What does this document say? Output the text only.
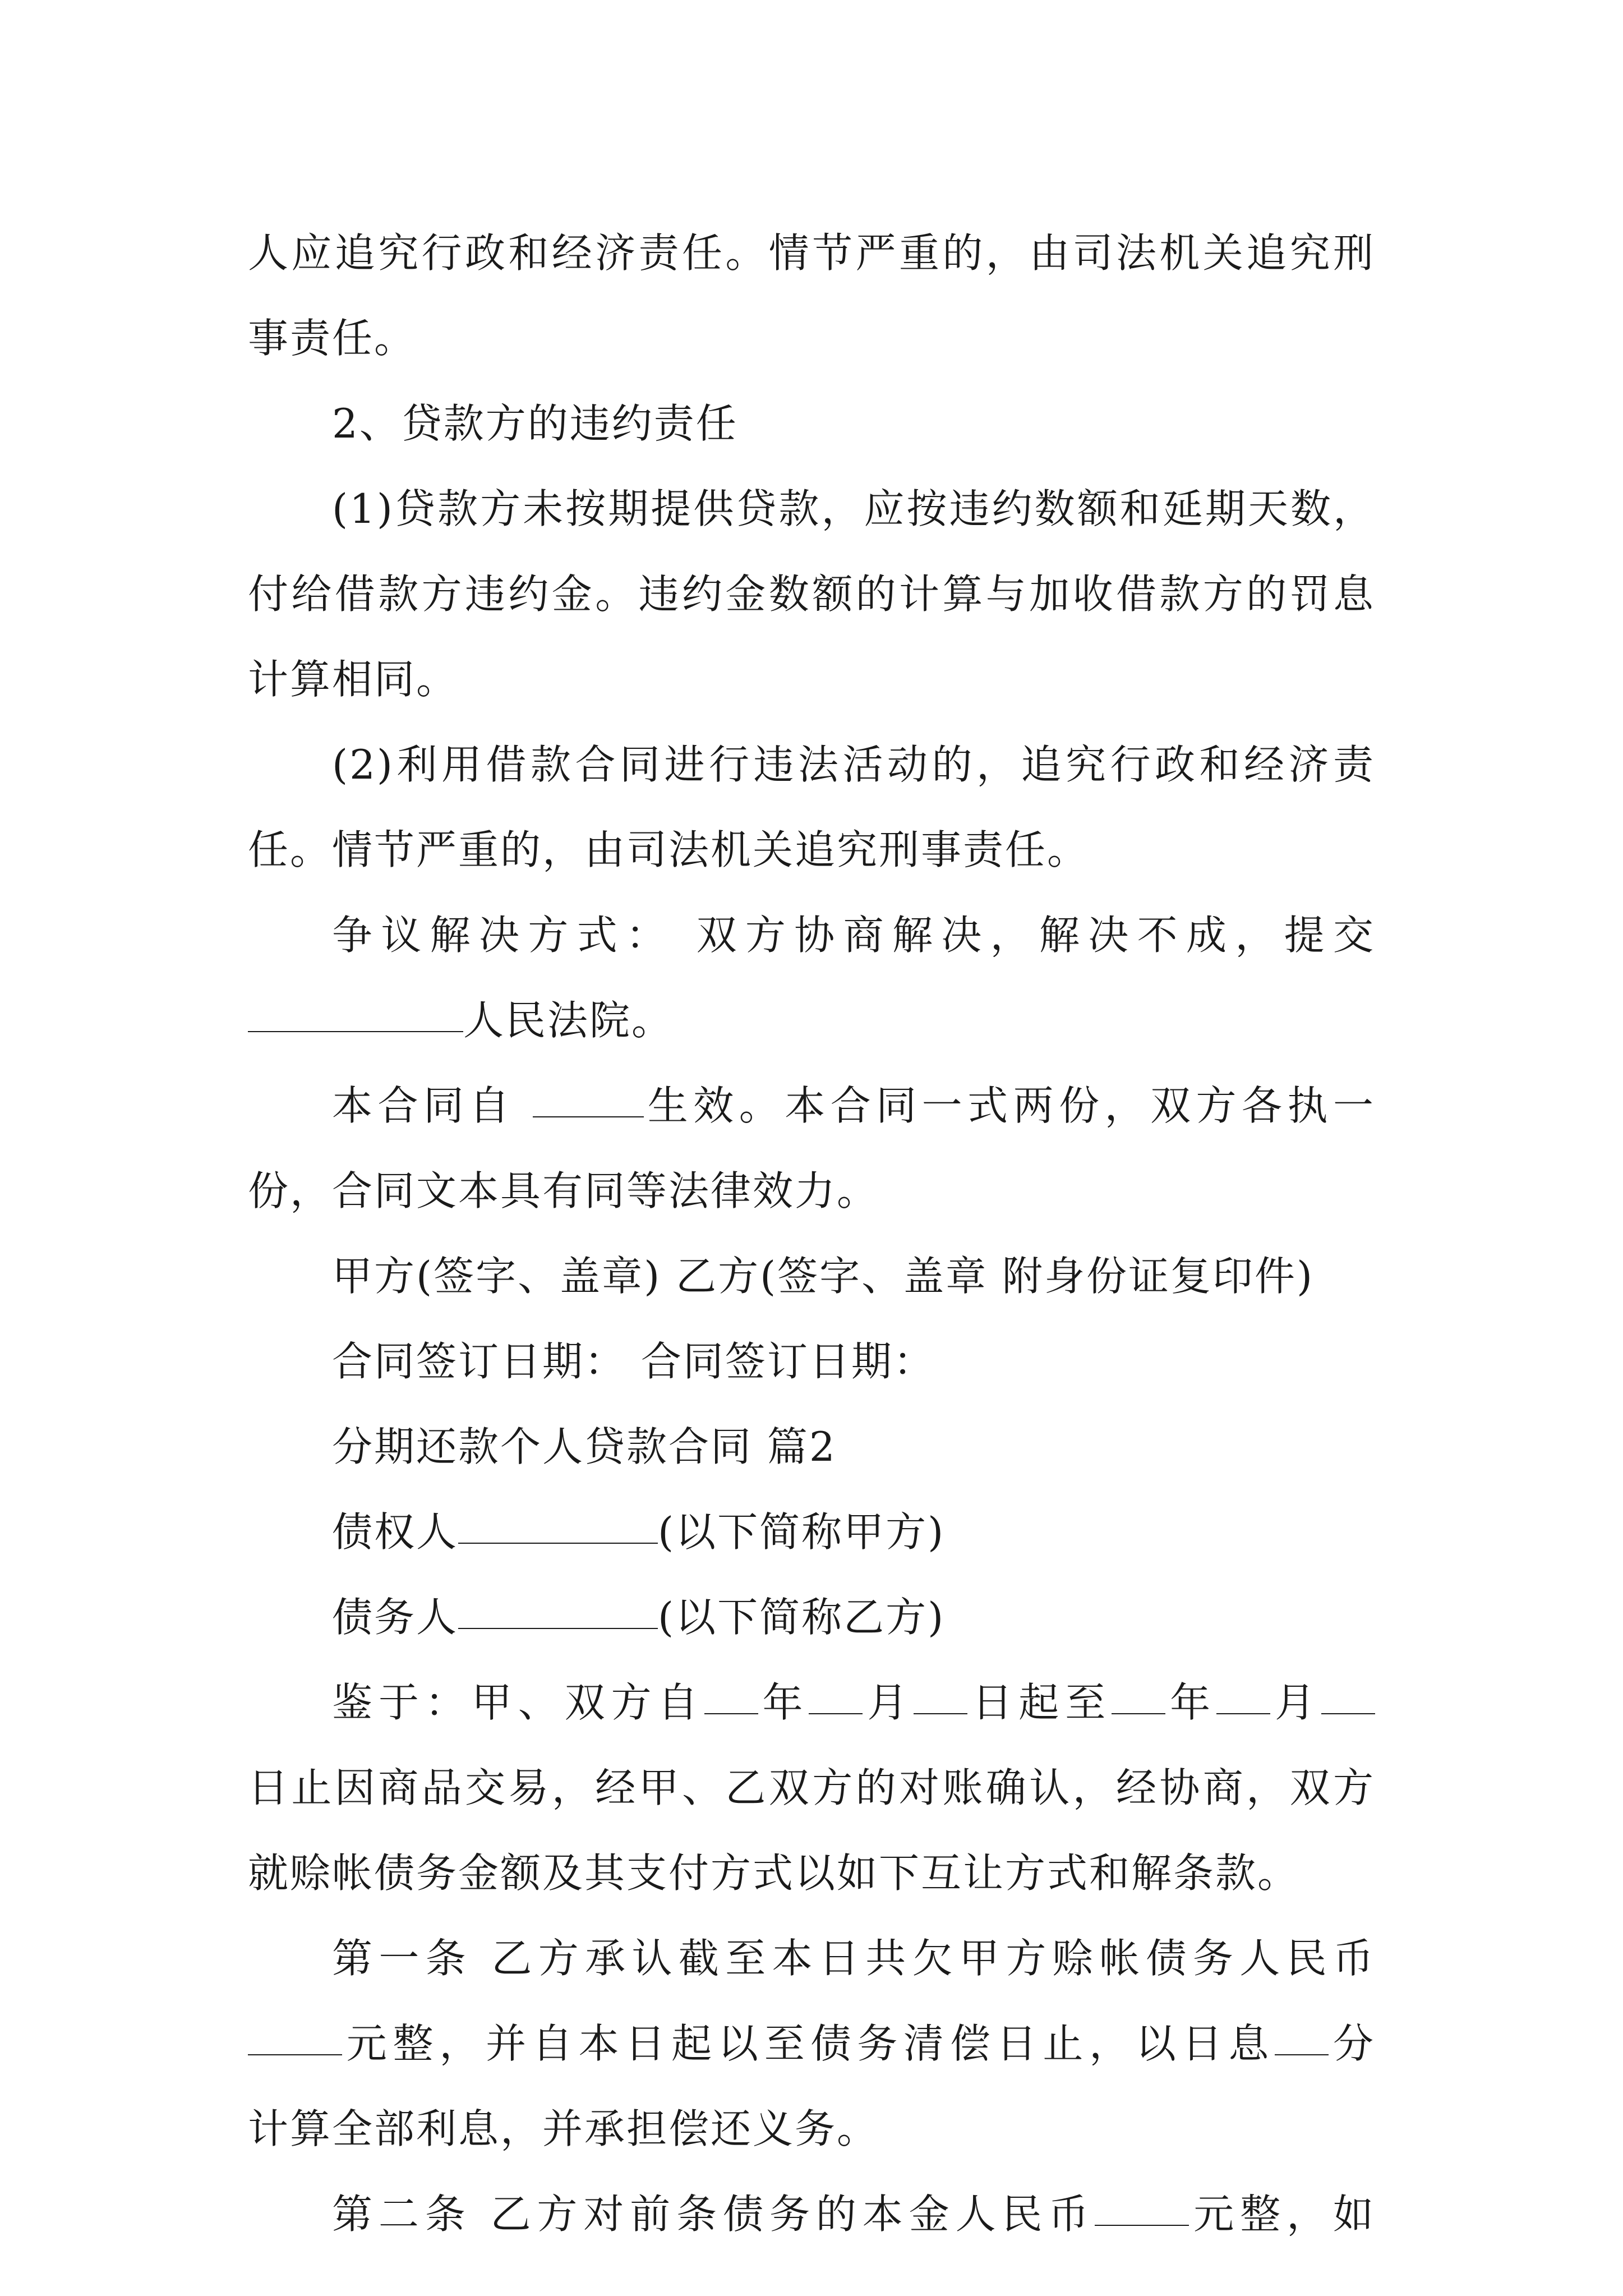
人应追究行政和经济责任。情节严重的，由司法机关追究刑
事责任。
2、贷款方的违约责任
(1)贷款方未按期提供贷款，应按违约数额和延期天数，
付给借款方违约金。违约金数额的计算与加收借款方的罚息
计算相同。
(2)利用借款合同进行违法活动的，追究行政和经济责
任。情节严重的，由司法机关追究刑事责任。
争议解决方式： 双方协商解决，解决不成，提交
人民法院。
本合同自	生效。本合同一式两份，双方各执一
份，合同文本具有同等法律效力。
甲方(签字、盖章) 乙方(签字、盖章 附身份证复印件)
合同签订日期： 合同签订日期：
分期还款个人贷款合同 篇2
债权人	(以下简称甲方)
债务人	(以下简称乙方)
鉴于：甲、双方自 年 月 日起至 年 月
日止因商品交易，经甲、乙双方的对账确认，经协商，双方
就赊帐债务金额及其支付方式以如下互让方式和解条款。
第一条 乙方承认截至本日共欠甲方赊帐债务人民币
元整，并自本日起以至债务清偿日止，以日息 分
计算全部利息，并承担偿还义务。
第二条 乙方对前条债务的本金人民币 元整，如
